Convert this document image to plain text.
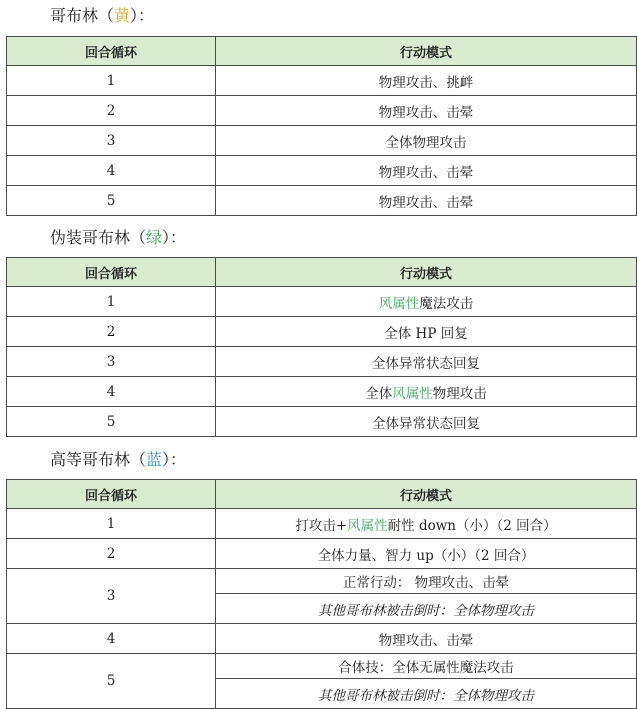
哥布林（黄）：
回合循环	行动模式
1	物理攻击、挑衅
2	物理攻击、击晕
3	全体物理攻击
4	物理攻击、击晕
5	物理攻击、击晕
伪装哥布林（绿）：
回合循环	行动模式
1	风属性魔法攻击
2	全体 HP 回复
3	全体异常状态回复
4	全体风属性物理攻击
5	全体异常状态回复
高等哥布林（蓝）：
回合循环	行动模式
1	打攻击+风属性耐性 down（小）（2 回合）
2	全体力量、智力 up（小）（2 回合）
3	正常行动： 物理攻击、击晕
	其他哥布林被击倒时：全体物理攻击
4	物理攻击、击晕
5	合体技：全体无属性魔法攻击
	其他哥布林被击倒时：全体物理攻击
